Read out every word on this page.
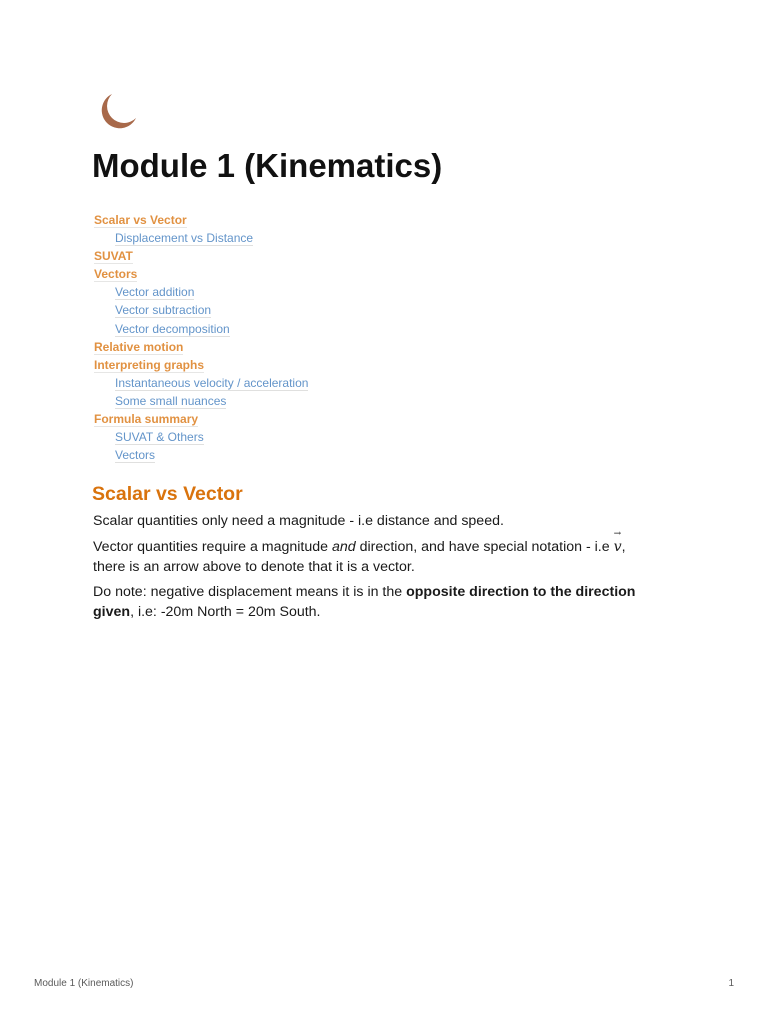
Module 1 (Kinematics)
Scalar vs Vector
Displacement vs Distance
SUVAT
Vectors
Vector addition
Vector subtraction
Vector decomposition
Relative motion
Interpreting graphs
Instantaneous velocity / acceleration
Some small nuances
Formula summary
SUVAT & Others
Vectors
Scalar vs Vector

Scalar quantities only need a magnitude - i.e distance and speed.

Vector quantities require a magnitude and direction, and have special notation - i.e
→
v, there is an arrow above to denote that it is a vector.

Do note: negative displacement means it is in the opposite direction to the direction given, i.e: -20m North = 20m South.

Module 1 (Kinematics)	1
